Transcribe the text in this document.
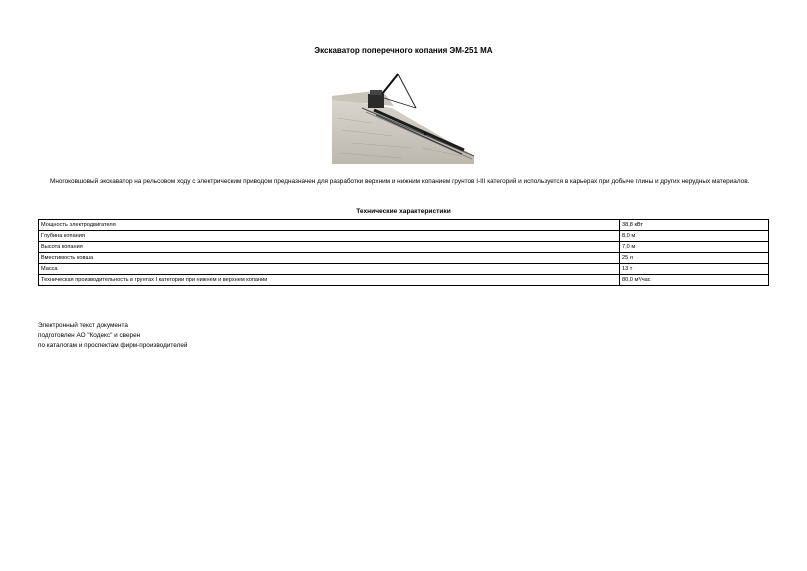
Экскаватор поперечного копания ЭМ-251 МА

Многоковшовый экскаватор на рельсовом ходу с электрическим приводом предназначен для разработки верхним и нижним копанием грунтов I-III категорий и используется в карьерах при добыче глины и других нерудных материалов.

Технические характеристики
Мощность электродвигателя	38,8 кВт
Глубина копания	8,0 м
Высота копания	7,0 м
Вместимость ковша	25 л
Масса	13 т
Техническая производительность в грунтах I категории при нижнем и верхнем копании	80,0 м³/час
Электронный текст документа
подготовлен АО "Кодекс" и сверен
по каталогам и проспектам фирм-производителей
